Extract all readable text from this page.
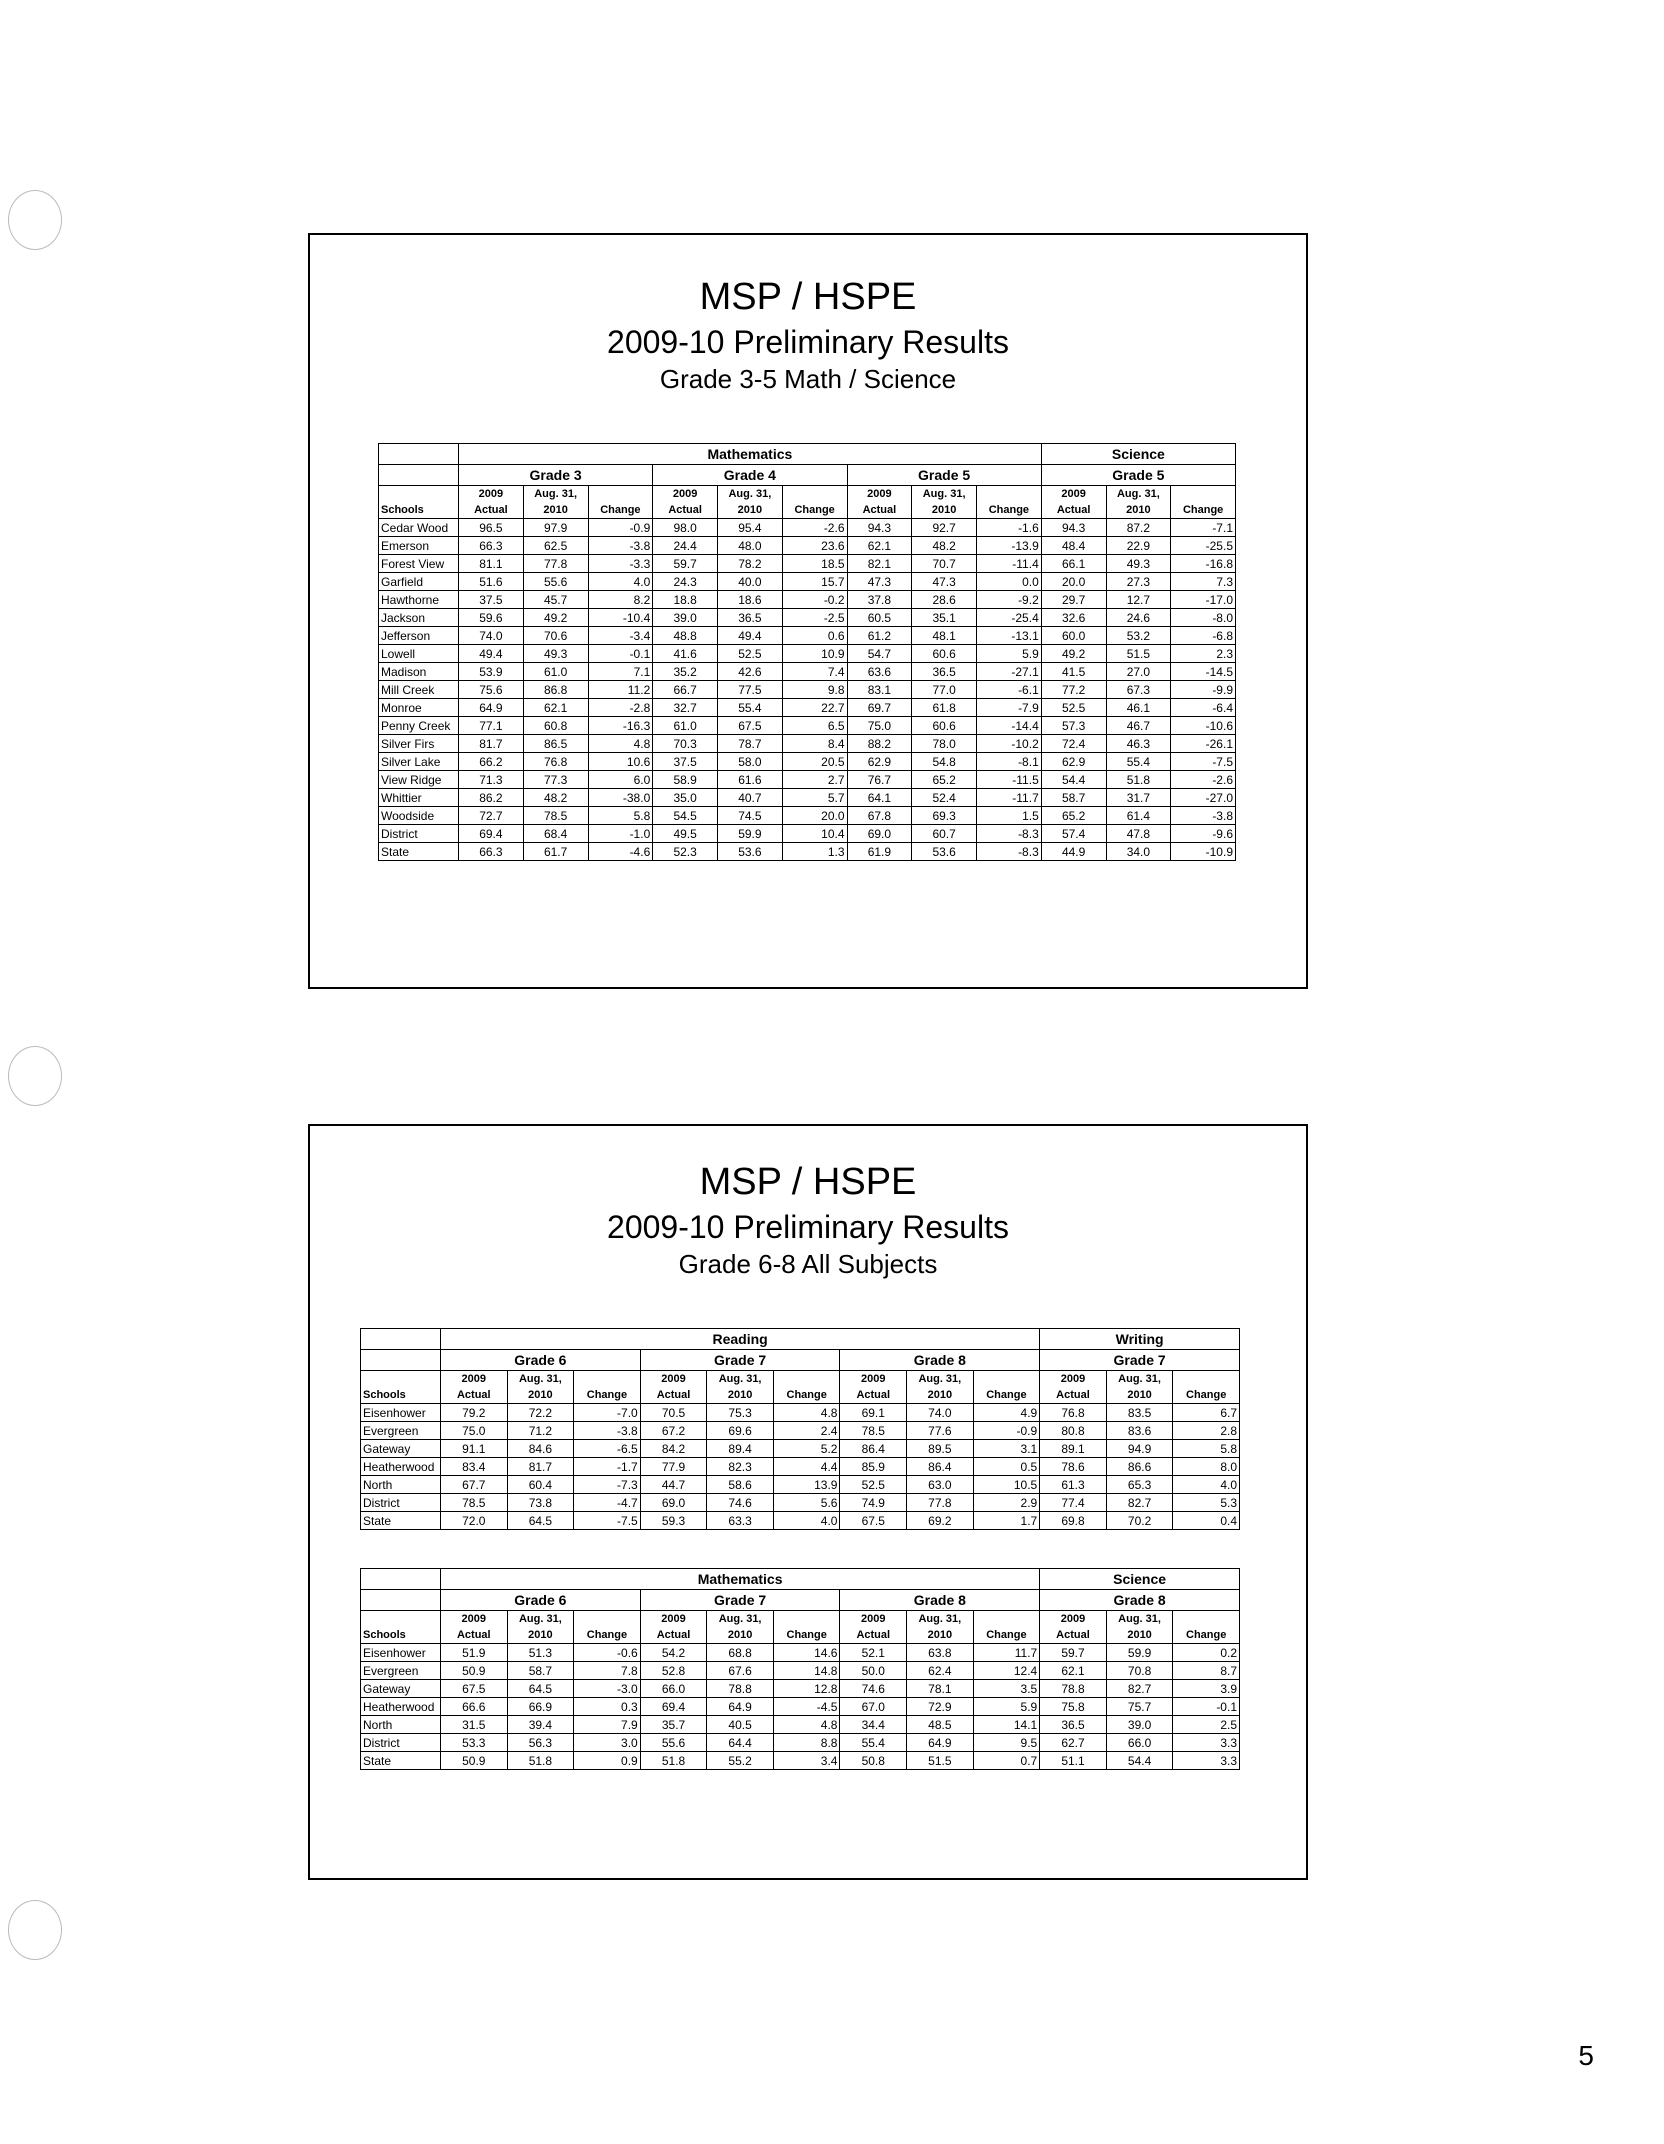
MSP / HSPE
2009-10 Preliminary Results
Grade 3-5 Math / Science
	Mathematics									Science		
	Grade 3			Grade 4			Grade 5			Grade 5		
	2009	Aug. 31,		2009	Aug. 31,		2009	Aug. 31,		2009	Aug. 31,	
Schools	Actual	2010	Change	Actual	2010	Change	Actual	2010	Change	Actual	2010	Change
Cedar Wood	96.5	97.9	-0.9	98.0	95.4	-2.6	94.3	92.7	-1.6	94.3	87.2	-7.1
Emerson	66.3	62.5	-3.8	24.4	48.0	23.6	62.1	48.2	-13.9	48.4	22.9	-25.5
Forest View	81.1	77.8	-3.3	59.7	78.2	18.5	82.1	70.7	-11.4	66.1	49.3	-16.8
Garfield	51.6	55.6	4.0	24.3	40.0	15.7	47.3	47.3	0.0	20.0	27.3	7.3
Hawthorne	37.5	45.7	8.2	18.8	18.6	-0.2	37.8	28.6	-9.2	29.7	12.7	-17.0
Jackson	59.6	49.2	-10.4	39.0	36.5	-2.5	60.5	35.1	-25.4	32.6	24.6	-8.0
Jefferson	74.0	70.6	-3.4	48.8	49.4	0.6	61.2	48.1	-13.1	60.0	53.2	-6.8
Lowell	49.4	49.3	-0.1	41.6	52.5	10.9	54.7	60.6	5.9	49.2	51.5	2.3
Madison	53.9	61.0	7.1	35.2	42.6	7.4	63.6	36.5	-27.1	41.5	27.0	-14.5
Mill Creek	75.6	86.8	11.2	66.7	77.5	9.8	83.1	77.0	-6.1	77.2	67.3	-9.9
Monroe	64.9	62.1	-2.8	32.7	55.4	22.7	69.7	61.8	-7.9	52.5	46.1	-6.4
Penny Creek	77.1	60.8	-16.3	61.0	67.5	6.5	75.0	60.6	-14.4	57.3	46.7	-10.6
Silver Firs	81.7	86.5	4.8	70.3	78.7	8.4	88.2	78.0	-10.2	72.4	46.3	-26.1
Silver Lake	66.2	76.8	10.6	37.5	58.0	20.5	62.9	54.8	-8.1	62.9	55.4	-7.5
View Ridge	71.3	77.3	6.0	58.9	61.6	2.7	76.7	65.2	-11.5	54.4	51.8	-2.6
Whittier	86.2	48.2	-38.0	35.0	40.7	5.7	64.1	52.4	-11.7	58.7	31.7	-27.0
Woodside	72.7	78.5	5.8	54.5	74.5	20.0	67.8	69.3	1.5	65.2	61.4	-3.8
District	69.4	68.4	-1.0	49.5	59.9	10.4	69.0	60.7	-8.3	57.4	47.8	-9.6
State	66.3	61.7	-4.6	52.3	53.6	1.3	61.9	53.6	-8.3	44.9	34.0	-10.9
MSP / HSPE
2009-10 Preliminary Results
Grade 6-8 All Subjects
	Reading									Writing		
	Grade 6			Grade 7			Grade 8			Grade 7		
	2009	Aug. 31,		2009	Aug. 31,		2009	Aug. 31,		2009	Aug. 31,	
Schools	Actual	2010	Change	Actual	2010	Change	Actual	2010	Change	Actual	2010	Change
Eisenhower	79.2	72.2	-7.0	70.5	75.3	4.8	69.1	74.0	4.9	76.8	83.5	6.7
Evergreen	75.0	71.2	-3.8	67.2	69.6	2.4	78.5	77.6	-0.9	80.8	83.6	2.8
Gateway	91.1	84.6	-6.5	84.2	89.4	5.2	86.4	89.5	3.1	89.1	94.9	5.8
Heatherwood	83.4	81.7	-1.7	77.9	82.3	4.4	85.9	86.4	0.5	78.6	86.6	8.0
North	67.7	60.4	-7.3	44.7	58.6	13.9	52.5	63.0	10.5	61.3	65.3	4.0
District	78.5	73.8	-4.7	69.0	74.6	5.6	74.9	77.8	2.9	77.4	82.7	5.3
State	72.0	64.5	-7.5	59.3	63.3	4.0	67.5	69.2	1.7	69.8	70.2	0.4
	Mathematics									Science		
	Grade 6			Grade 7			Grade 8			Grade 8		
	2009	Aug. 31,		2009	Aug. 31,		2009	Aug. 31,		2009	Aug. 31,	
Schools	Actual	2010	Change	Actual	2010	Change	Actual	2010	Change	Actual	2010	Change
Eisenhower	51.9	51.3	-0.6	54.2	68.8	14.6	52.1	63.8	11.7	59.7	59.9	0.2
Evergreen	50.9	58.7	7.8	52.8	67.6	14.8	50.0	62.4	12.4	62.1	70.8	8.7
Gateway	67.5	64.5	-3.0	66.0	78.8	12.8	74.6	78.1	3.5	78.8	82.7	3.9
Heatherwood	66.6	66.9	0.3	69.4	64.9	-4.5	67.0	72.9	5.9	75.8	75.7	-0.1
North	31.5	39.4	7.9	35.7	40.5	4.8	34.4	48.5	14.1	36.5	39.0	2.5
District	53.3	56.3	3.0	55.6	64.4	8.8	55.4	64.9	9.5	62.7	66.0	3.3
State	50.9	51.8	0.9	51.8	55.2	3.4	50.8	51.5	0.7	51.1	54.4	3.3
5
